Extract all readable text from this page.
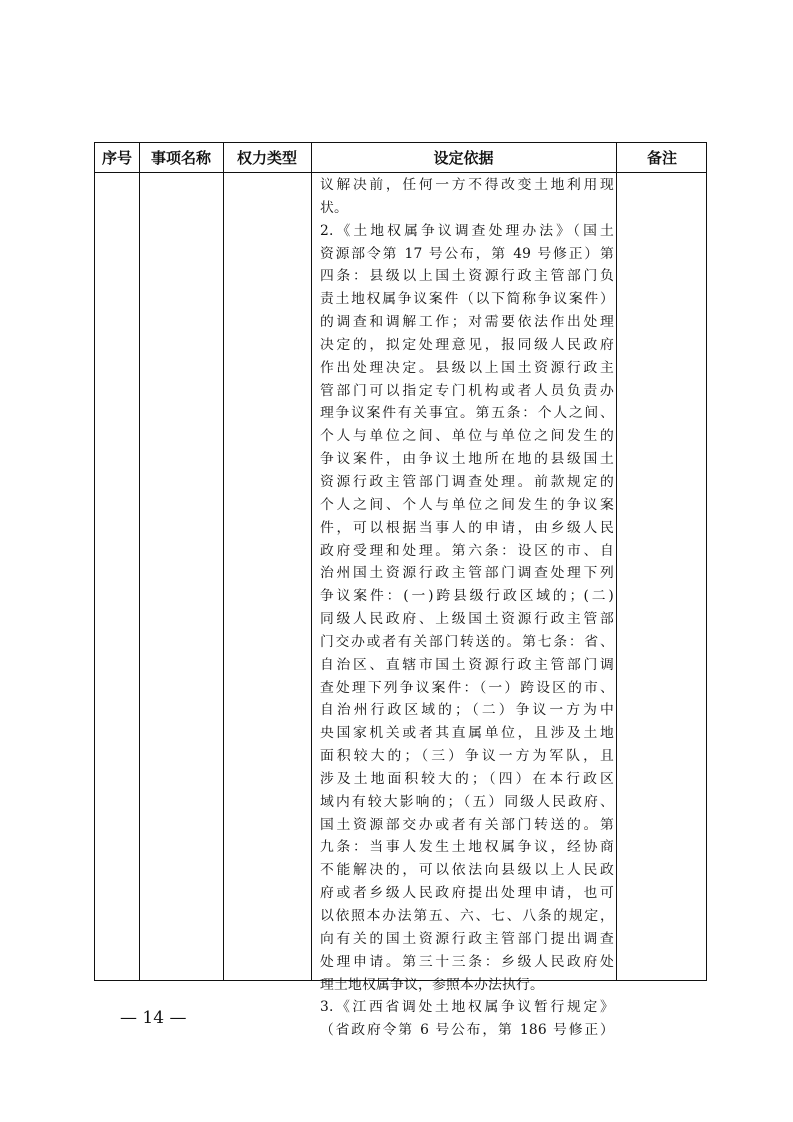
序号	事项名称	权力类型	设定依据	备注
议解决前，任何一方不得改变土地利用现
状。
2.《土地权属争议调查处理办法》（国土
资源部令第 17 号公布，第 49 号修正）第
四条：县级以上国土资源行政主管部门负
责土地权属争议案件（以下简称争议案件）
的调查和调解工作；对需要依法作出处理
决定的，拟定处理意见，报同级人民政府
作出处理决定。县级以上国土资源行政主
管部门可以指定专门机构或者人员负责办
理争议案件有关事宜。第五条：个人之间、
个人与单位之间、单位与单位之间发生的
争议案件，由争议土地所在地的县级国土
资源行政主管部门调查处理。前款规定的
个人之间、个人与单位之间发生的争议案
件，可以根据当事人的申请，由乡级人民
政府受理和处理。第六条：设区的市、自
治州国土资源行政主管部门调查处理下列
争议案件：(一)跨县级行政区域的；(二)
同级人民政府、上级国土资源行政主管部
门交办或者有关部门转送的。第七条：省、
自治区、直辖市国土资源行政主管部门调
查处理下列争议案件：（一）跨设区的市、
自治州行政区域的；（二）争议一方为中
央国家机关或者其直属单位，且涉及土地
面积较大的；（三）争议一方为军队，且
涉及土地面积较大的；（四）在本行政区
域内有较大影响的；（五）同级人民政府、
国土资源部交办或者有关部门转送的。第
九条：当事人发生土地权属争议，经协商
不能解决的，可以依法向县级以上人民政
府或者乡级人民政府提出处理申请，也可
以依照本办法第五、六、七、八条的规定，
向有关的国土资源行政主管部门提出调查
处理申请。第三十三条：乡级人民政府处
理土地权属争议，参照本办法执行。
3.《江西省调处土地权属争议暂行规定》
（省政府令第 6 号公布，第 186 号修正）
— 14 —
